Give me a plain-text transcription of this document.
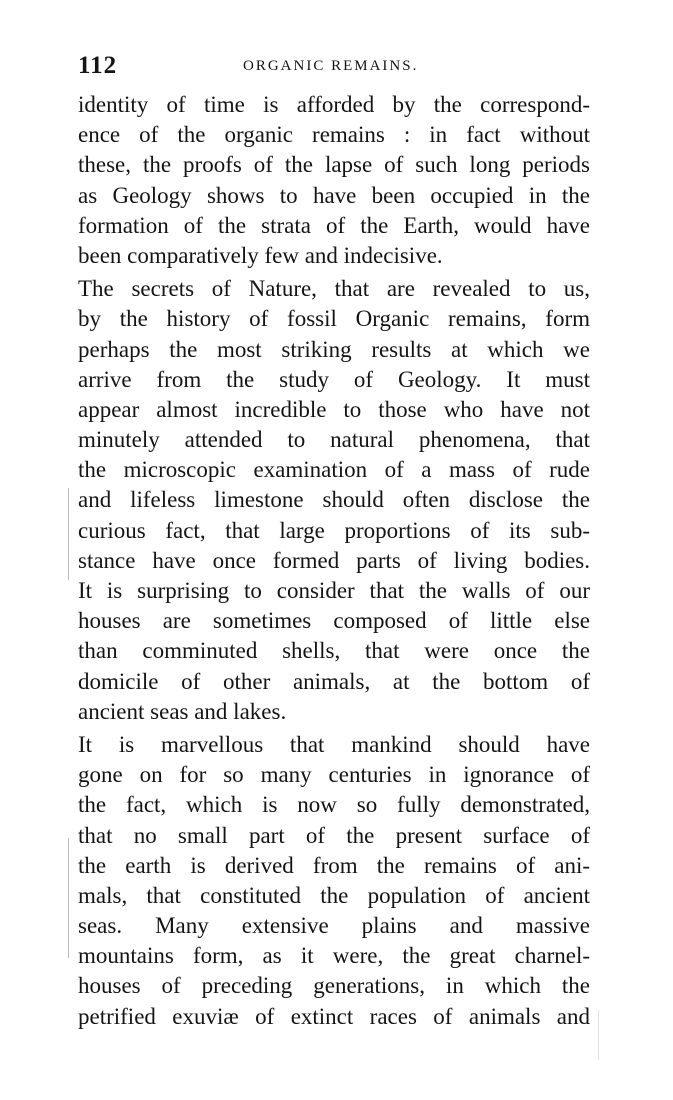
112	ORGANIC REMAINS.
identity of time is afforded by the correspond-
ence of the organic remains : in fact without
these, the proofs of the lapse of such long periods
as Geology shows to have been occupied in the
formation of the strata of the Earth, would have
been comparatively few and indecisive.
The secrets of Nature, that are revealed to us,
by the history of fossil Organic remains, form
perhaps the most striking results at which we
arrive from the study of Geology. It must
appear almost incredible to those who have not
minutely attended to natural phenomena, that
the microscopic examination of a mass of rude
and lifeless limestone should often disclose the
curious fact, that large proportions of its sub-
stance have once formed parts of living bodies.
It is surprising to consider that the walls of our
houses are sometimes composed of little else
than comminuted shells, that were once the
domicile of other animals, at the bottom of
ancient seas and lakes.
It is marvellous that mankind should have
gone on for so many centuries in ignorance of
the fact, which is now so fully demonstrated,
that no small part of the present surface of
the earth is derived from the remains of ani-
mals, that constituted the population of ancient
seas. Many extensive plains and massive
mountains form, as it were, the great charnel-
houses of preceding generations, in which the
petrified exuviæ of extinct races of animals and
